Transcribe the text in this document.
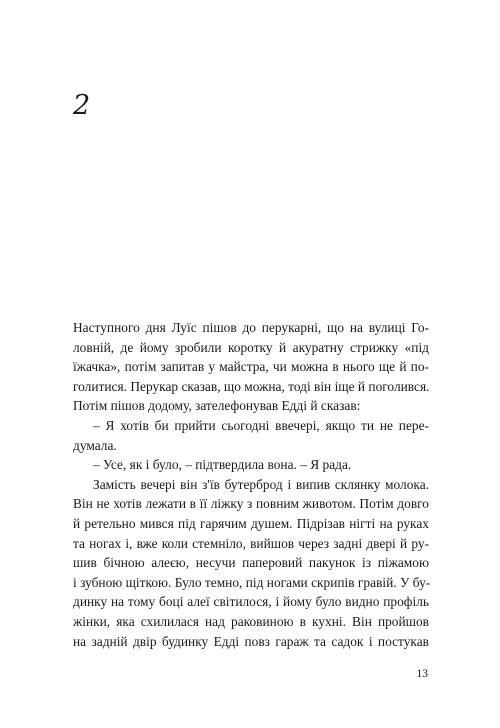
2
Наступного дня Луїс пішов до перукарні, що на вулиці Го-
ловній, де йому зробили коротку й акуратну стрижку «під
їжачка», потім запитав у майстра, чи можна в нього ще й по-
голитися. Перукар сказав, що можна, тоді він іще й поголився.
Потім пішов додому, зателефонував Едді й сказав:
– Я хотів би прийти сьогодні ввечері, якщо ти не пере-
думала.
– Усе, як і було, – підтвердила вона. – Я рада.
Замість вечері він з'їв бутерброд і випив склянку молока.
Він не хотів лежати в її ліжку з повним животом. Потім довго
й ретельно мився під гарячим душем. Підрізав нігті на руках
та ногах і, вже коли стемніло, вийшов через задні двері й ру-
шив бічною алеєю, несучи паперовий пакунок із піжамою
і зубною щіткою. Було темно, під ногами скрипів гравій. У бу-
динку на тому боці алеї світилося, і йому було видно профіль
жінки, яка схилилася над раковиною в кухні. Він пройшов
на задній двір будинку Едді повз гараж та садок і постукав
13
